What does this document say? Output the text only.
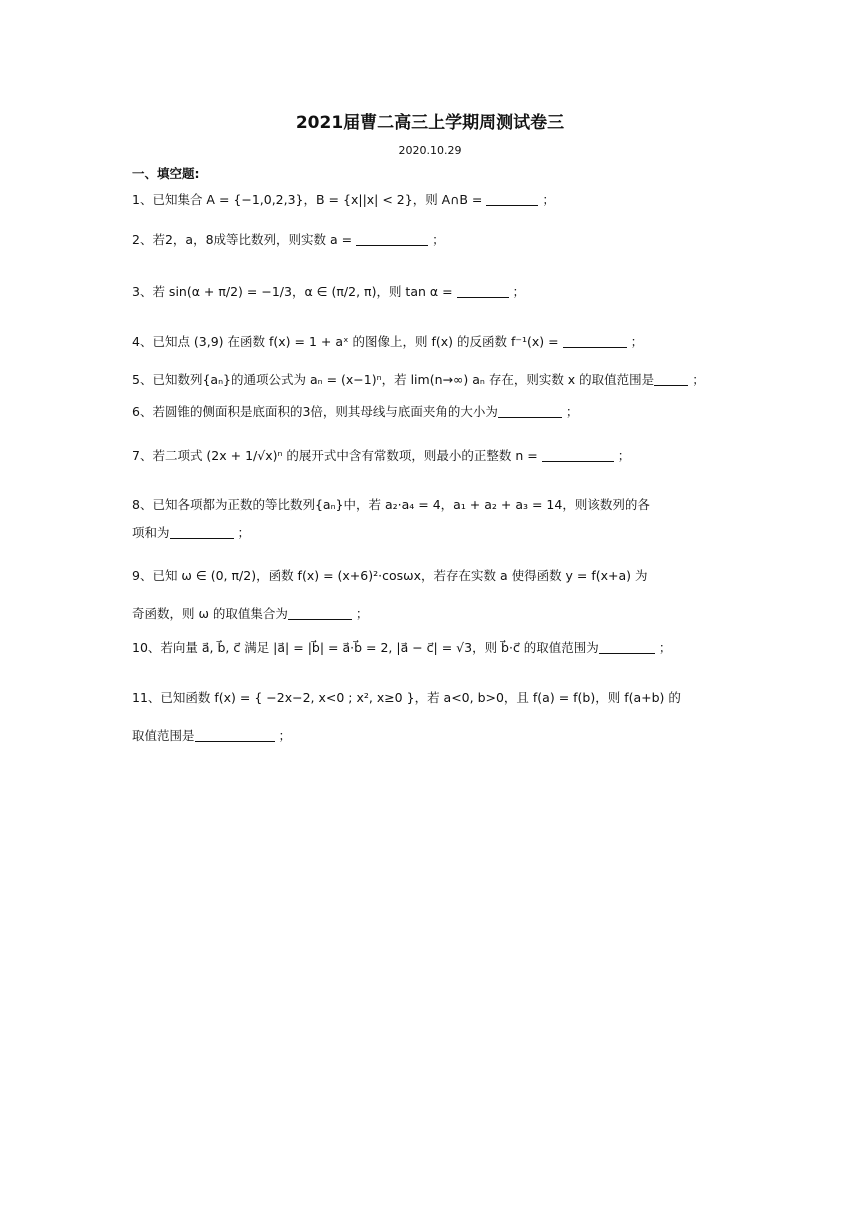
2021届曹二高三上学期周测试卷三
2020.10.29
一、填空题:
1、已知集合 A = {−1,0,2,3}，B = {x||x| < 2}，则 A∩B =	；
2、若2，a，8成等比数列，则实数 a =	；
3、若 sin(α + π/2) = −1/3，α ∈ (π/2, π)，则 tan α =	；
4、已知点 (3,9) 在函数 f(x) = 1 + aˣ 的图像上，则 f(x) 的反函数 f⁻¹(x) =	；
5、已知数列{aₙ}的通项公式为 aₙ = (x−1)ⁿ，若 lim(n→∞) aₙ 存在，则实数 x 的取值范围是	；
6、若圆锥的侧面积是底面积的3倍，则其母线与底面夹角的大小为	；
7、若二项式 (2x + 1/√x)ⁿ 的展开式中含有常数项，则最小的正整数 n =	；
8、已知各项都为正数的等比数列{aₙ}中，若 a₂·a₄ = 4，a₁ + a₂ + a₃ = 14，则该数列的各
项和为	；
9、已知 ω ∈ (0, π/2)，函数 f(x) = (x+6)²·cosωx，若存在实数 a 使得函数 y = f(x+a) 为
奇函数，则 ω 的取值集合为	；
10、若向量 a⃗, b⃗, c⃗ 满足 |a⃗| = |b⃗| = a⃗·b⃗ = 2, |a⃗ − c⃗| = √3，则 b⃗·c⃗ 的取值范围为	；
11、已知函数 f(x) = { −2x−2, x<0 ; x², x≥0 }，若 a<0, b>0，且 f(a) = f(b)，则 f(a+b) 的
取值范围是	；
